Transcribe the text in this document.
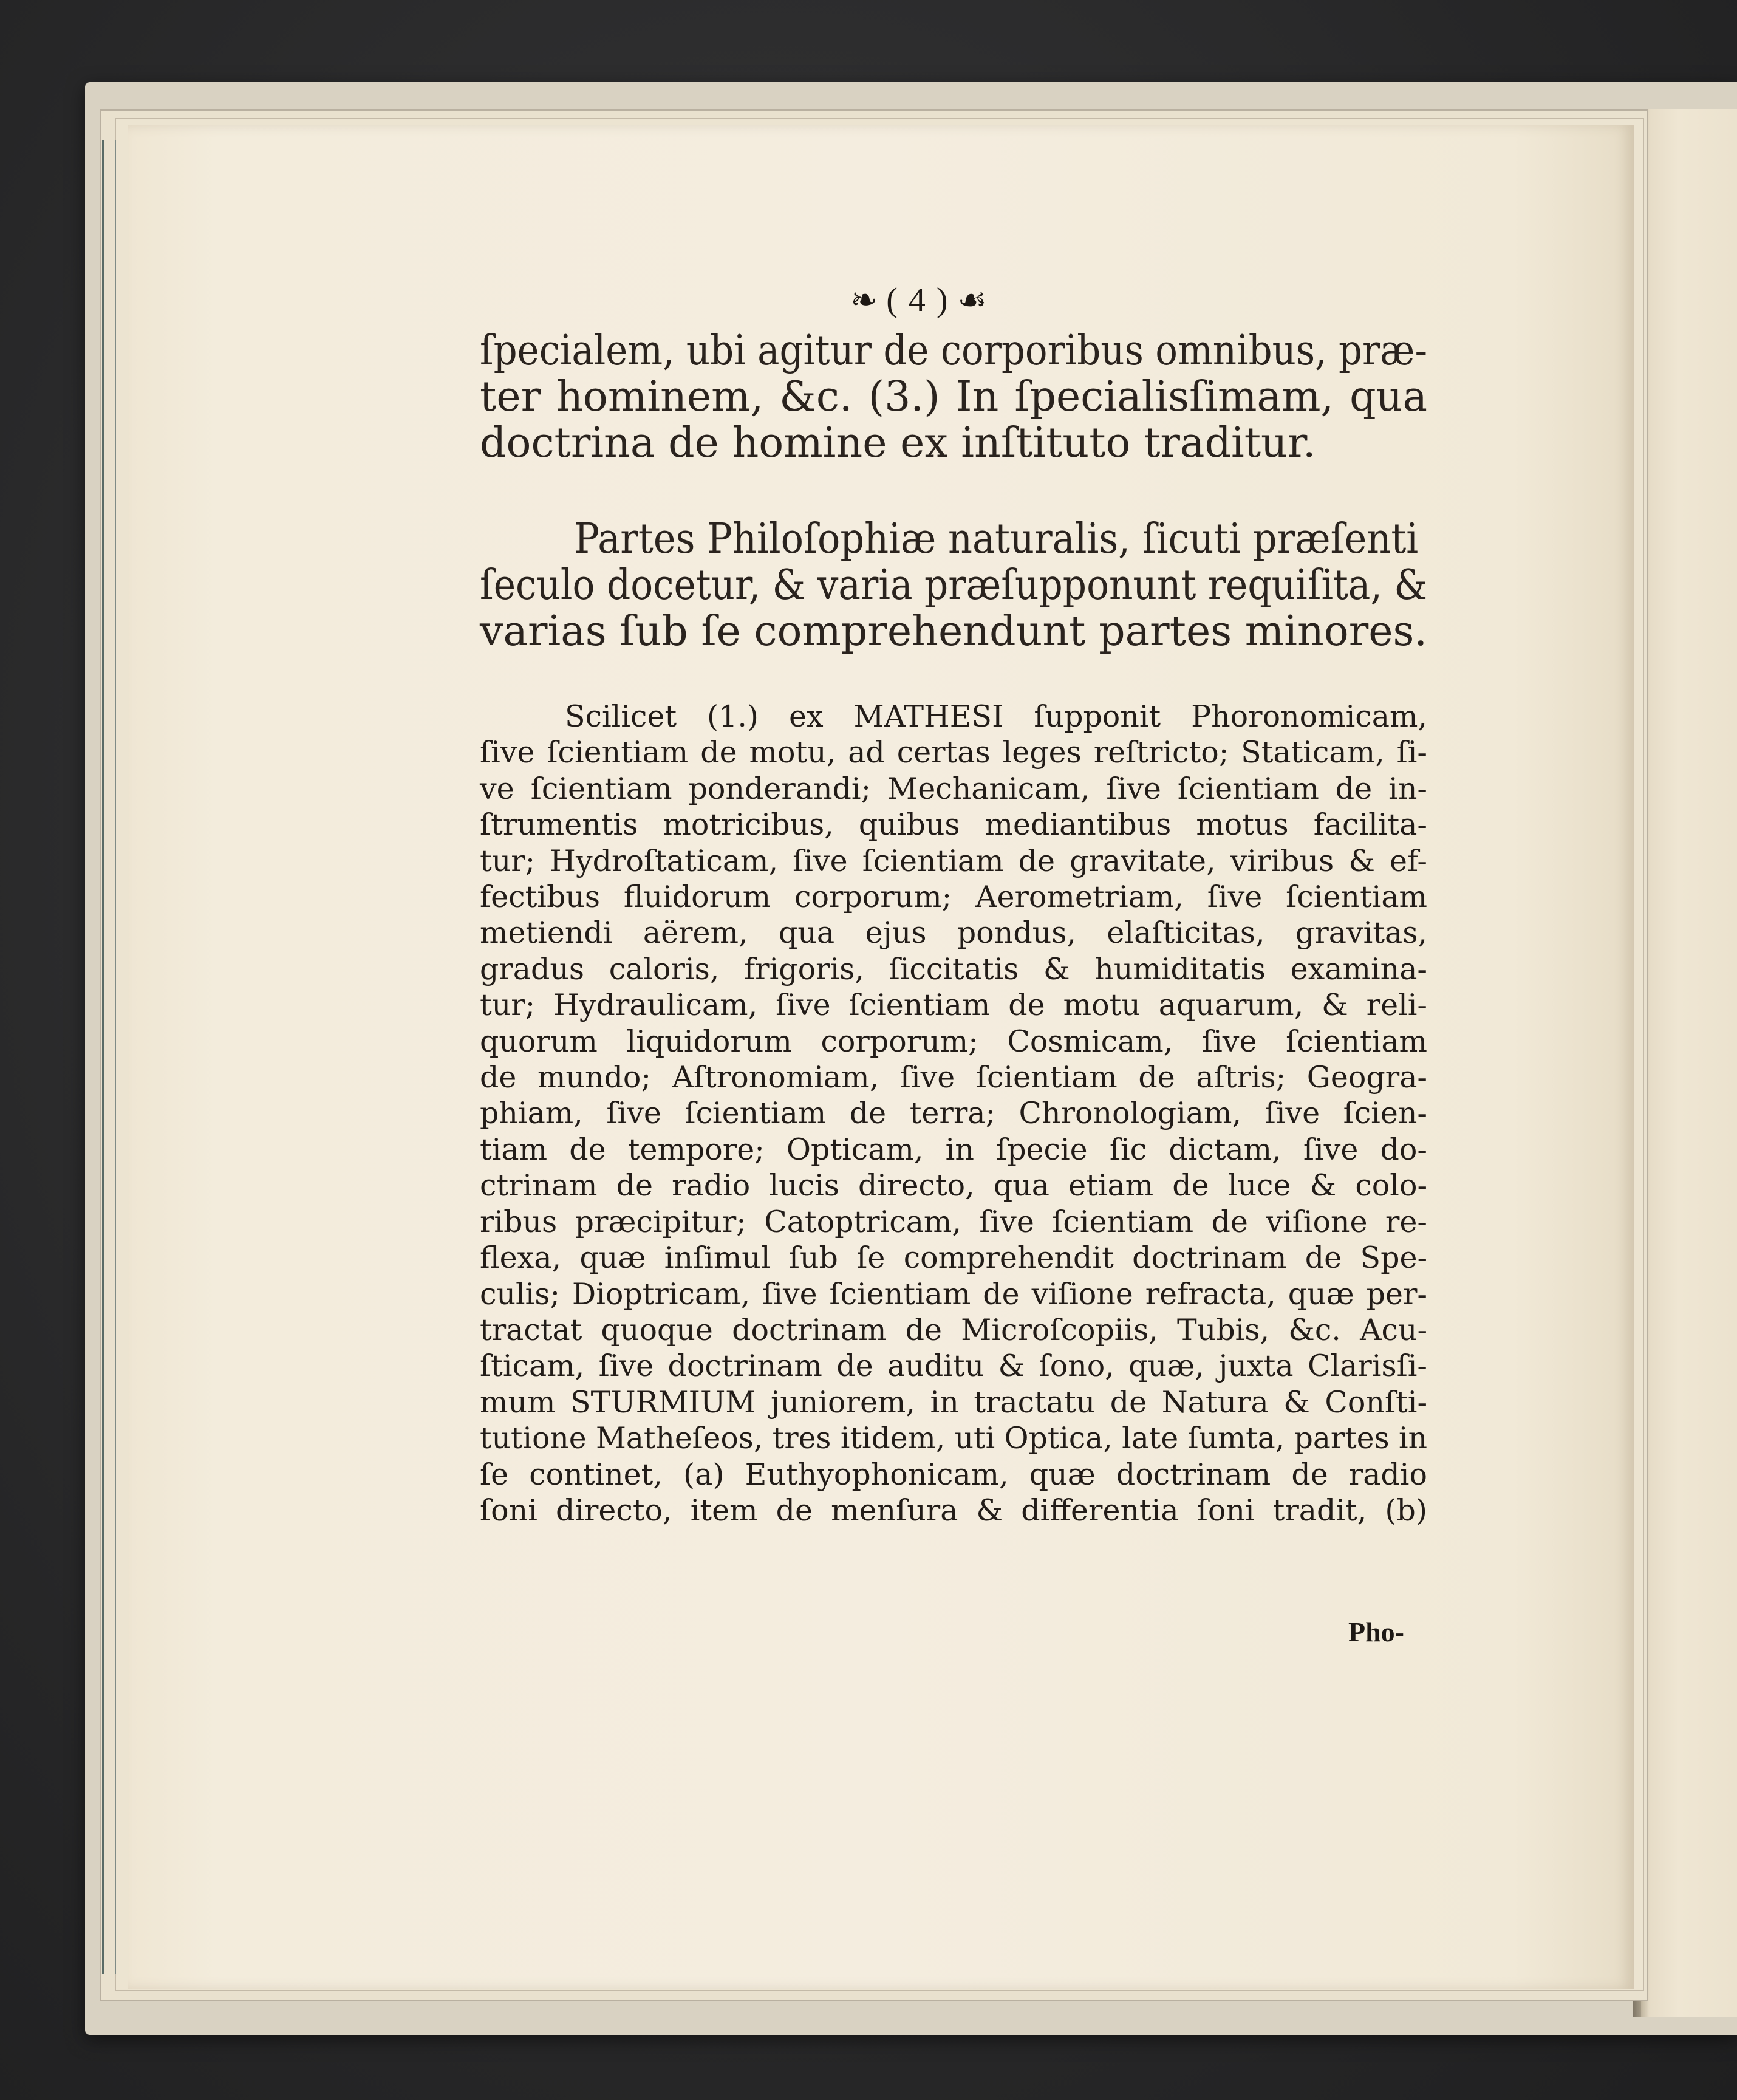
❧ ( 4 ) ☙
ſpecialem, ubi agitur de corporibus omnibus, præ-
ter hominem, &c. (3.) In ſpecialisſimam, qua
doctrina de homine ex inſtituto traditur.
Partes Philoſophiæ naturalis, ſicuti præſenti
ſeculo docetur, & varia præſupponunt requiſita, &
varias ſub ſe comprehendunt partes minores.
Scilicet (1.) ex MATHESI ſupponit Phoronomicam,
ſive ſcientiam de motu, ad certas leges reſtricto; Staticam, ſi-
ve ſcientiam ponderandi; Mechanicam, ſive ſcientiam de in-
ſtrumentis motricibus, quibus mediantibus motus facilita-
tur; Hydroſtaticam, ſive ſcientiam de gravitate, viribus & ef-
fectibus fluidorum corporum; Aerometriam, ſive ſcientiam
metiendi aërem, qua ejus pondus, elaſticitas, gravitas,
gradus caloris, frigoris, ſiccitatis & humiditatis examina-
tur; Hydraulicam, ſive ſcientiam de motu aquarum, & reli-
quorum liquidorum corporum; Cosmicam, ſive ſcientiam
de mundo; Aſtronomiam, ſive ſcientiam de aſtris; Geogra-
phiam, ſive ſcientiam de terra; Chronologiam, ſive ſcien-
tiam de tempore; Opticam, in ſpecie ſic dictam, ſive do-
ctrinam de radio lucis directo, qua etiam de luce & colo-
ribus præcipitur; Catoptricam, ſive ſcientiam de viſione re-
flexa, quæ inſimul ſub ſe comprehendit doctrinam de Spe-
culis; Dioptricam, ſive ſcientiam de viſione refracta, quæ per-
tractat quoque doctrinam de Microſcopiis, Tubis, &c. Acu-
ſticam, ſive doctrinam de auditu & ſono, quæ, juxta Clarisſi-
mum STURMIUM juniorem, in tractatu de Natura & Conſti-
tutione Matheſeos, tres itidem, uti Optica, late ſumta, partes in
ſe continet, (a) Euthyophonicam, quæ doctrinam de radio
ſoni directo, item de menſura & differentia ſoni tradit, (b)
Pho-
